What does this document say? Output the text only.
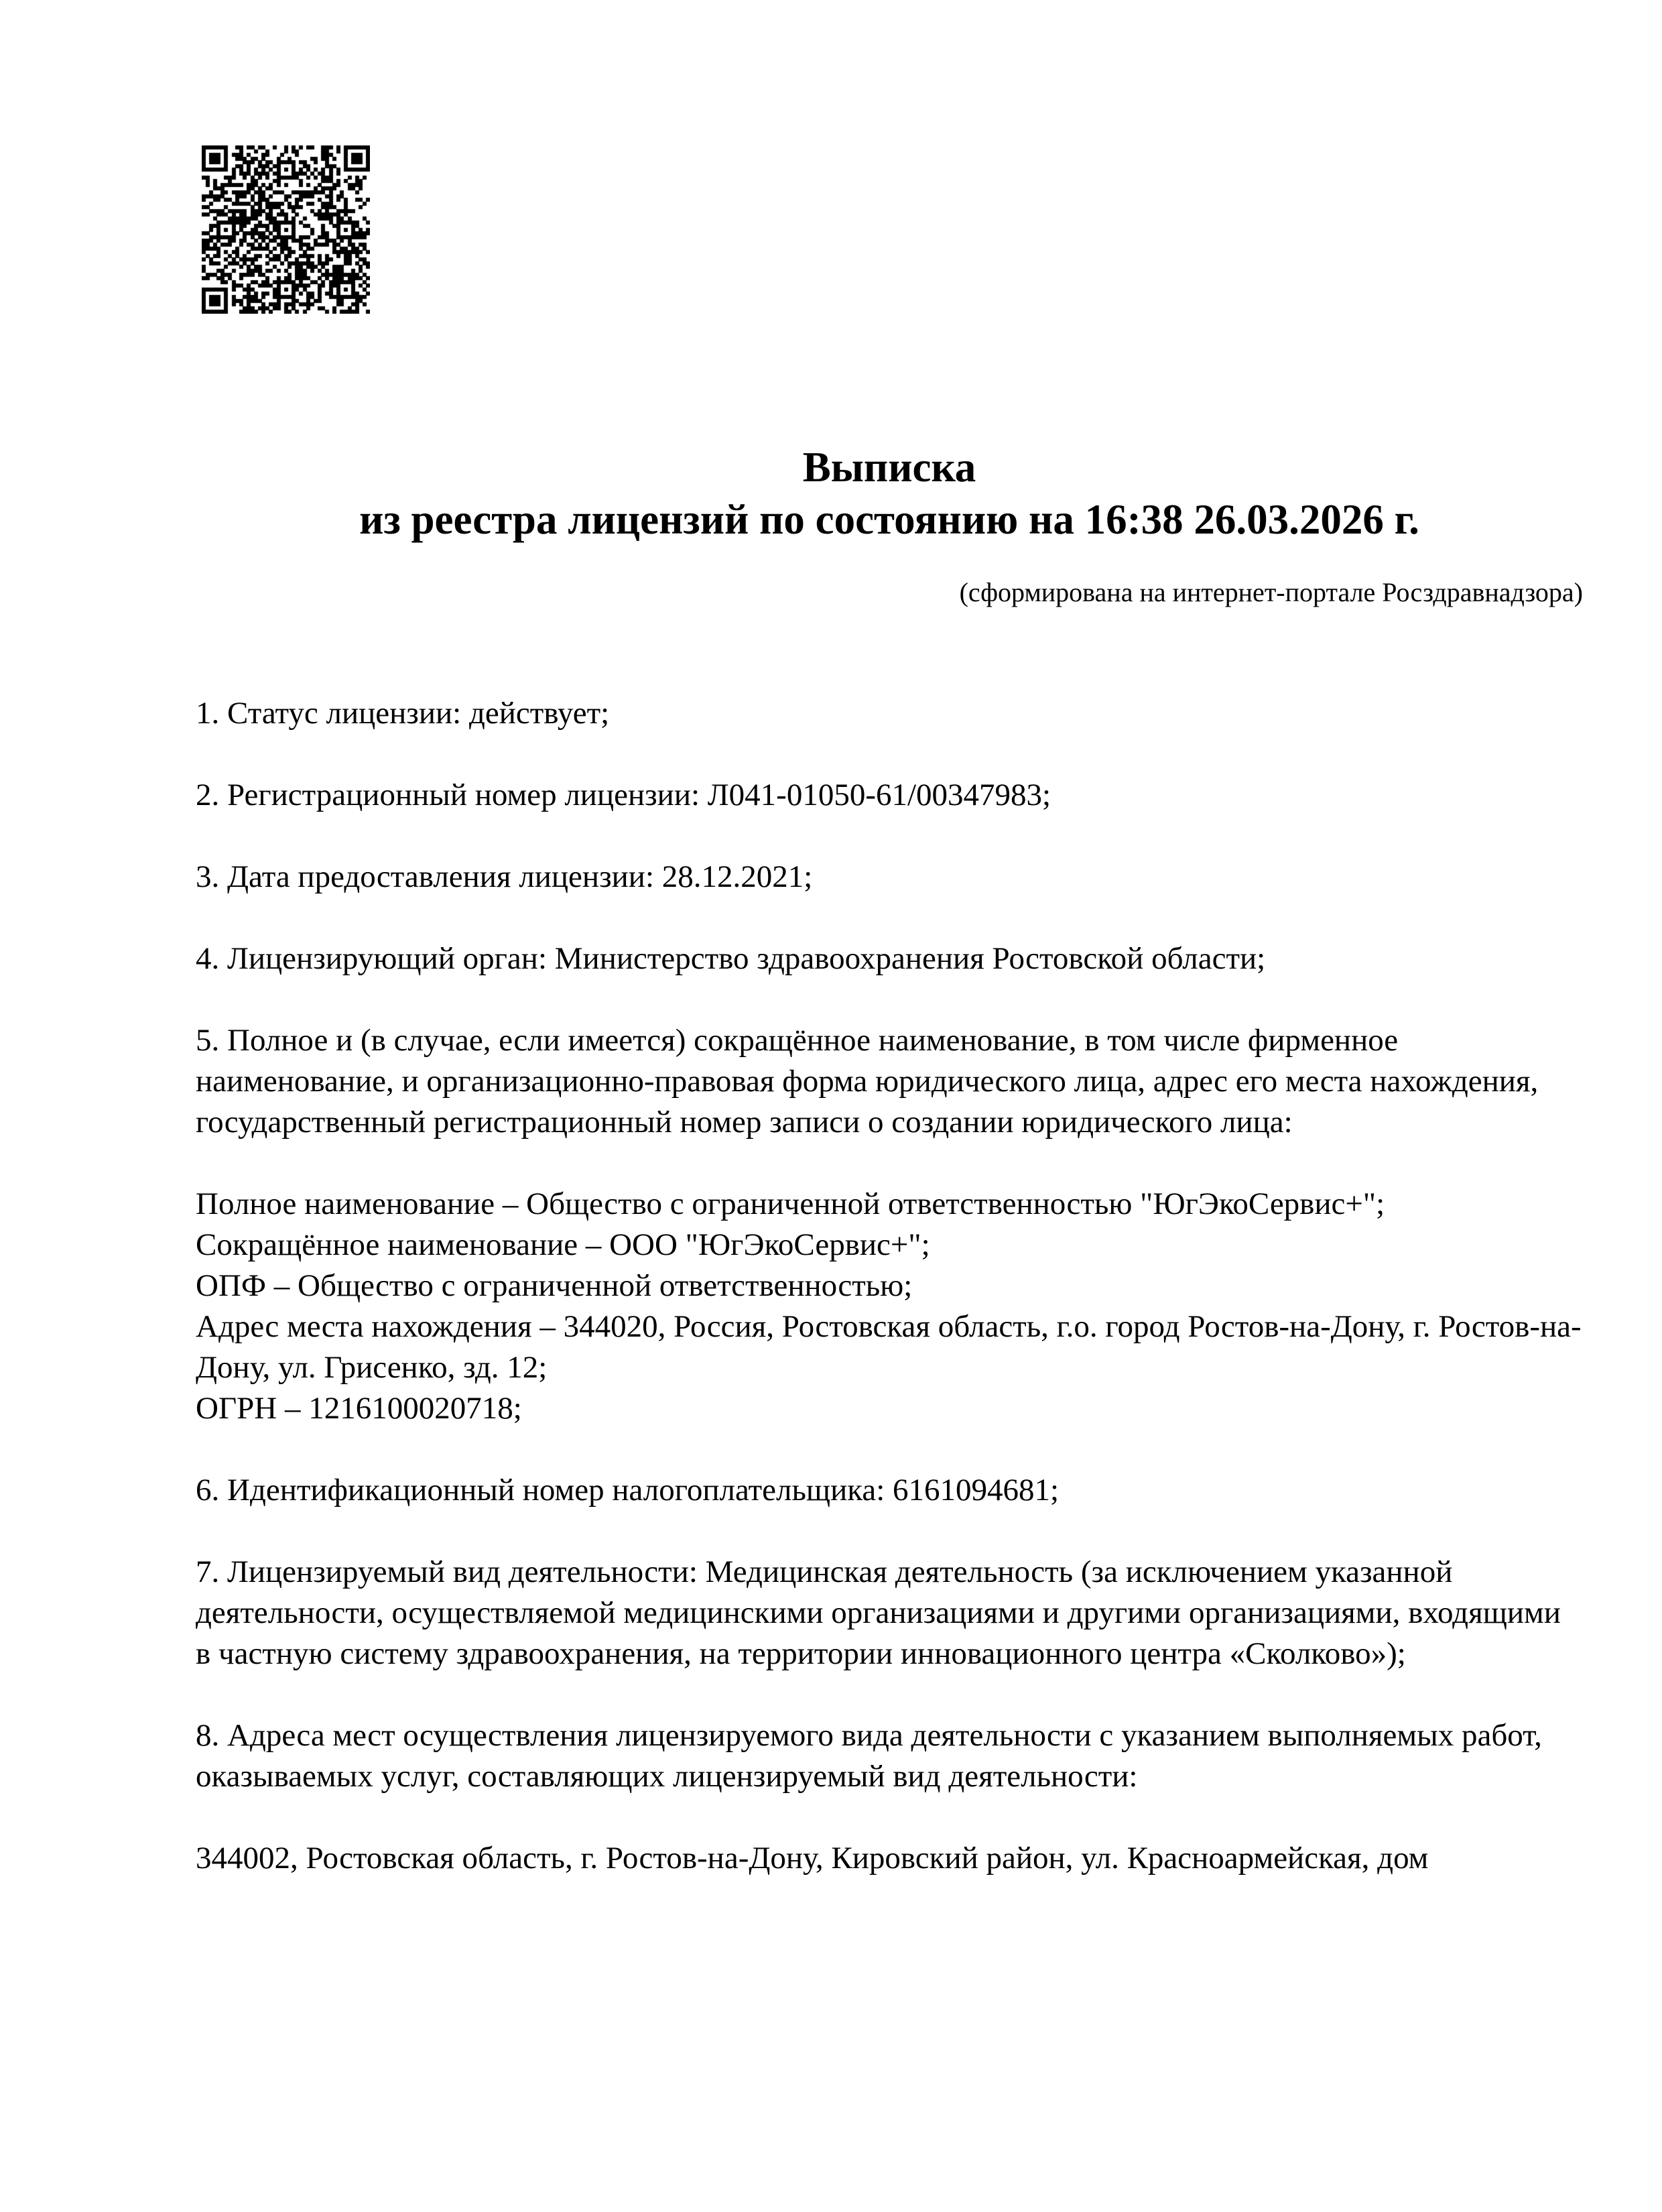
Выписка
из реестра лицензий по состоянию на 16:38 26.03.2026 г.
(сформирована на интернет-портале Росздравнадзора)

1. Статус лицензии: действует;

2. Регистрационный номер лицензии: Л041-01050-61/00347983;

3. Дата предоставления лицензии: 28.12.2021;

4. Лицензирующий орган: Министерство здравоохранения Ростовской области;

5. Полное и (в случае, если имеется) сокращённое наименование, в том числе фирменное наименование, и организационно-правовая форма юридического лица, адрес его места нахождения, государственный регистрационный номер записи о создании юридического лица:

Полное наименование – Общество с ограниченной ответственностью "ЮгЭкоСервис+";

Сокращённое наименование – ООО "ЮгЭкоСервис+";

ОПФ – Общество с ограниченной ответственностью;

Адрес места нахождения – 344020, Россия, Ростовская область, г.о. город Ростов-на-Дону, г. Ростов-на-Дону, ул. Грисенко, зд. 12;

ОГРН – 1216100020718;

6. Идентификационный номер налогоплательщика: 6161094681;

7. Лицензируемый вид деятельности: Медицинская деятельность (за исключением указанной деятельности, осуществляемой медицинскими организациями и другими организациями, входящими в частную систему здравоохранения, на территории инновационного центра «Сколково»);

8. Адреса мест осуществления лицензируемого вида деятельности с указанием выполняемых работ, оказываемых услуг, составляющих лицензируемый вид деятельности:

344002, Ростовская область, г. Ростов-на-Дону, Кировский район, ул. Красноармейская, дом
